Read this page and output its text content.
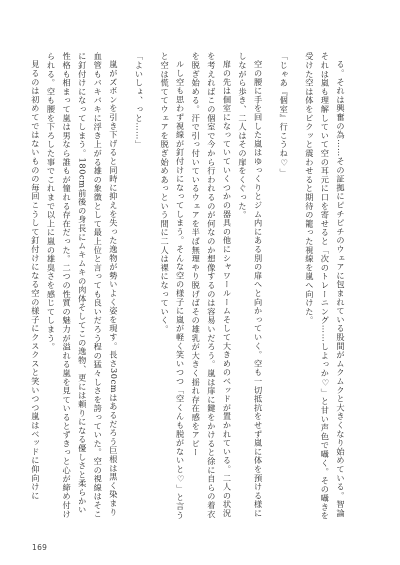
る。それは興奮の為……その証拠にピチピチのウェアに包まれている股間がムクムクと大きくなり始めている。智論それは嵐も理解していて空の耳元に口を寄せると「次のトレーニング……しよっか♡」と甘い声色で囁く。その囁きを受けた空は体をビクッと震わせると期待の籠った視線を嵐へ向けた。

「じゃあ『個室』行こうね♡」

空の腰に手を回した嵐はゆっくりとジム内にある別の扉へと向かっていく。空も一切抵抗をせず嵐に体を預ける様にしながら歩き、二人はその扉をくぐった。

扉の先は個室になっていていくつかの器具の他にシャワールームそして大きめのベッドが置かれている。二人の状況を考えればこの個室で今から行われるのが何なのか想像するのは容易いだろう。嵐は扉に鍵をかけると徐に自らの着衣を脱ぎ始める。汗で引っ付いているウェアを半ば無理やり脱げばその雄乳が大きく揺れ存在感をアピー

ルし空も思わず視線が釘付けになってしまう。そんな空の様子に嵐が軽く笑いつつ「空くんも脱がないと♡」と言うと空は慌ててウェアを脱ぎ始めあっという間に二人は裸になっていく。

「よいしょ、っと……」

嵐がズボンを引き下げると同時に抑えを失った逸物が勢いよく姿を現す。長さ30cmはあるだろう巨根は黒く染まり血管もバキバキに浮き上がる雄の象徴として最上位と言っても良いだろう程の猛々しさを誇っていた。空の視線はそこに釘付けになってしまう。180cm前後の身長にムキムキの肉体そしてこの逸物、更には頼りになる優しさと柔らかい性格も相まって嵐は男なら誰もが憧れる存在だった。二つの性質の魅力が溢れる嵐を見ているとずきっと心が締め付けられる。空も腰を下ろした事でこれまで以上に嵐の雄臭さを感じてしまう。

見るのは初めてではないものの毎回こうして釘付けになる空の様子にクスクスと笑いつつ嵐はベッドに仰向けに

169
